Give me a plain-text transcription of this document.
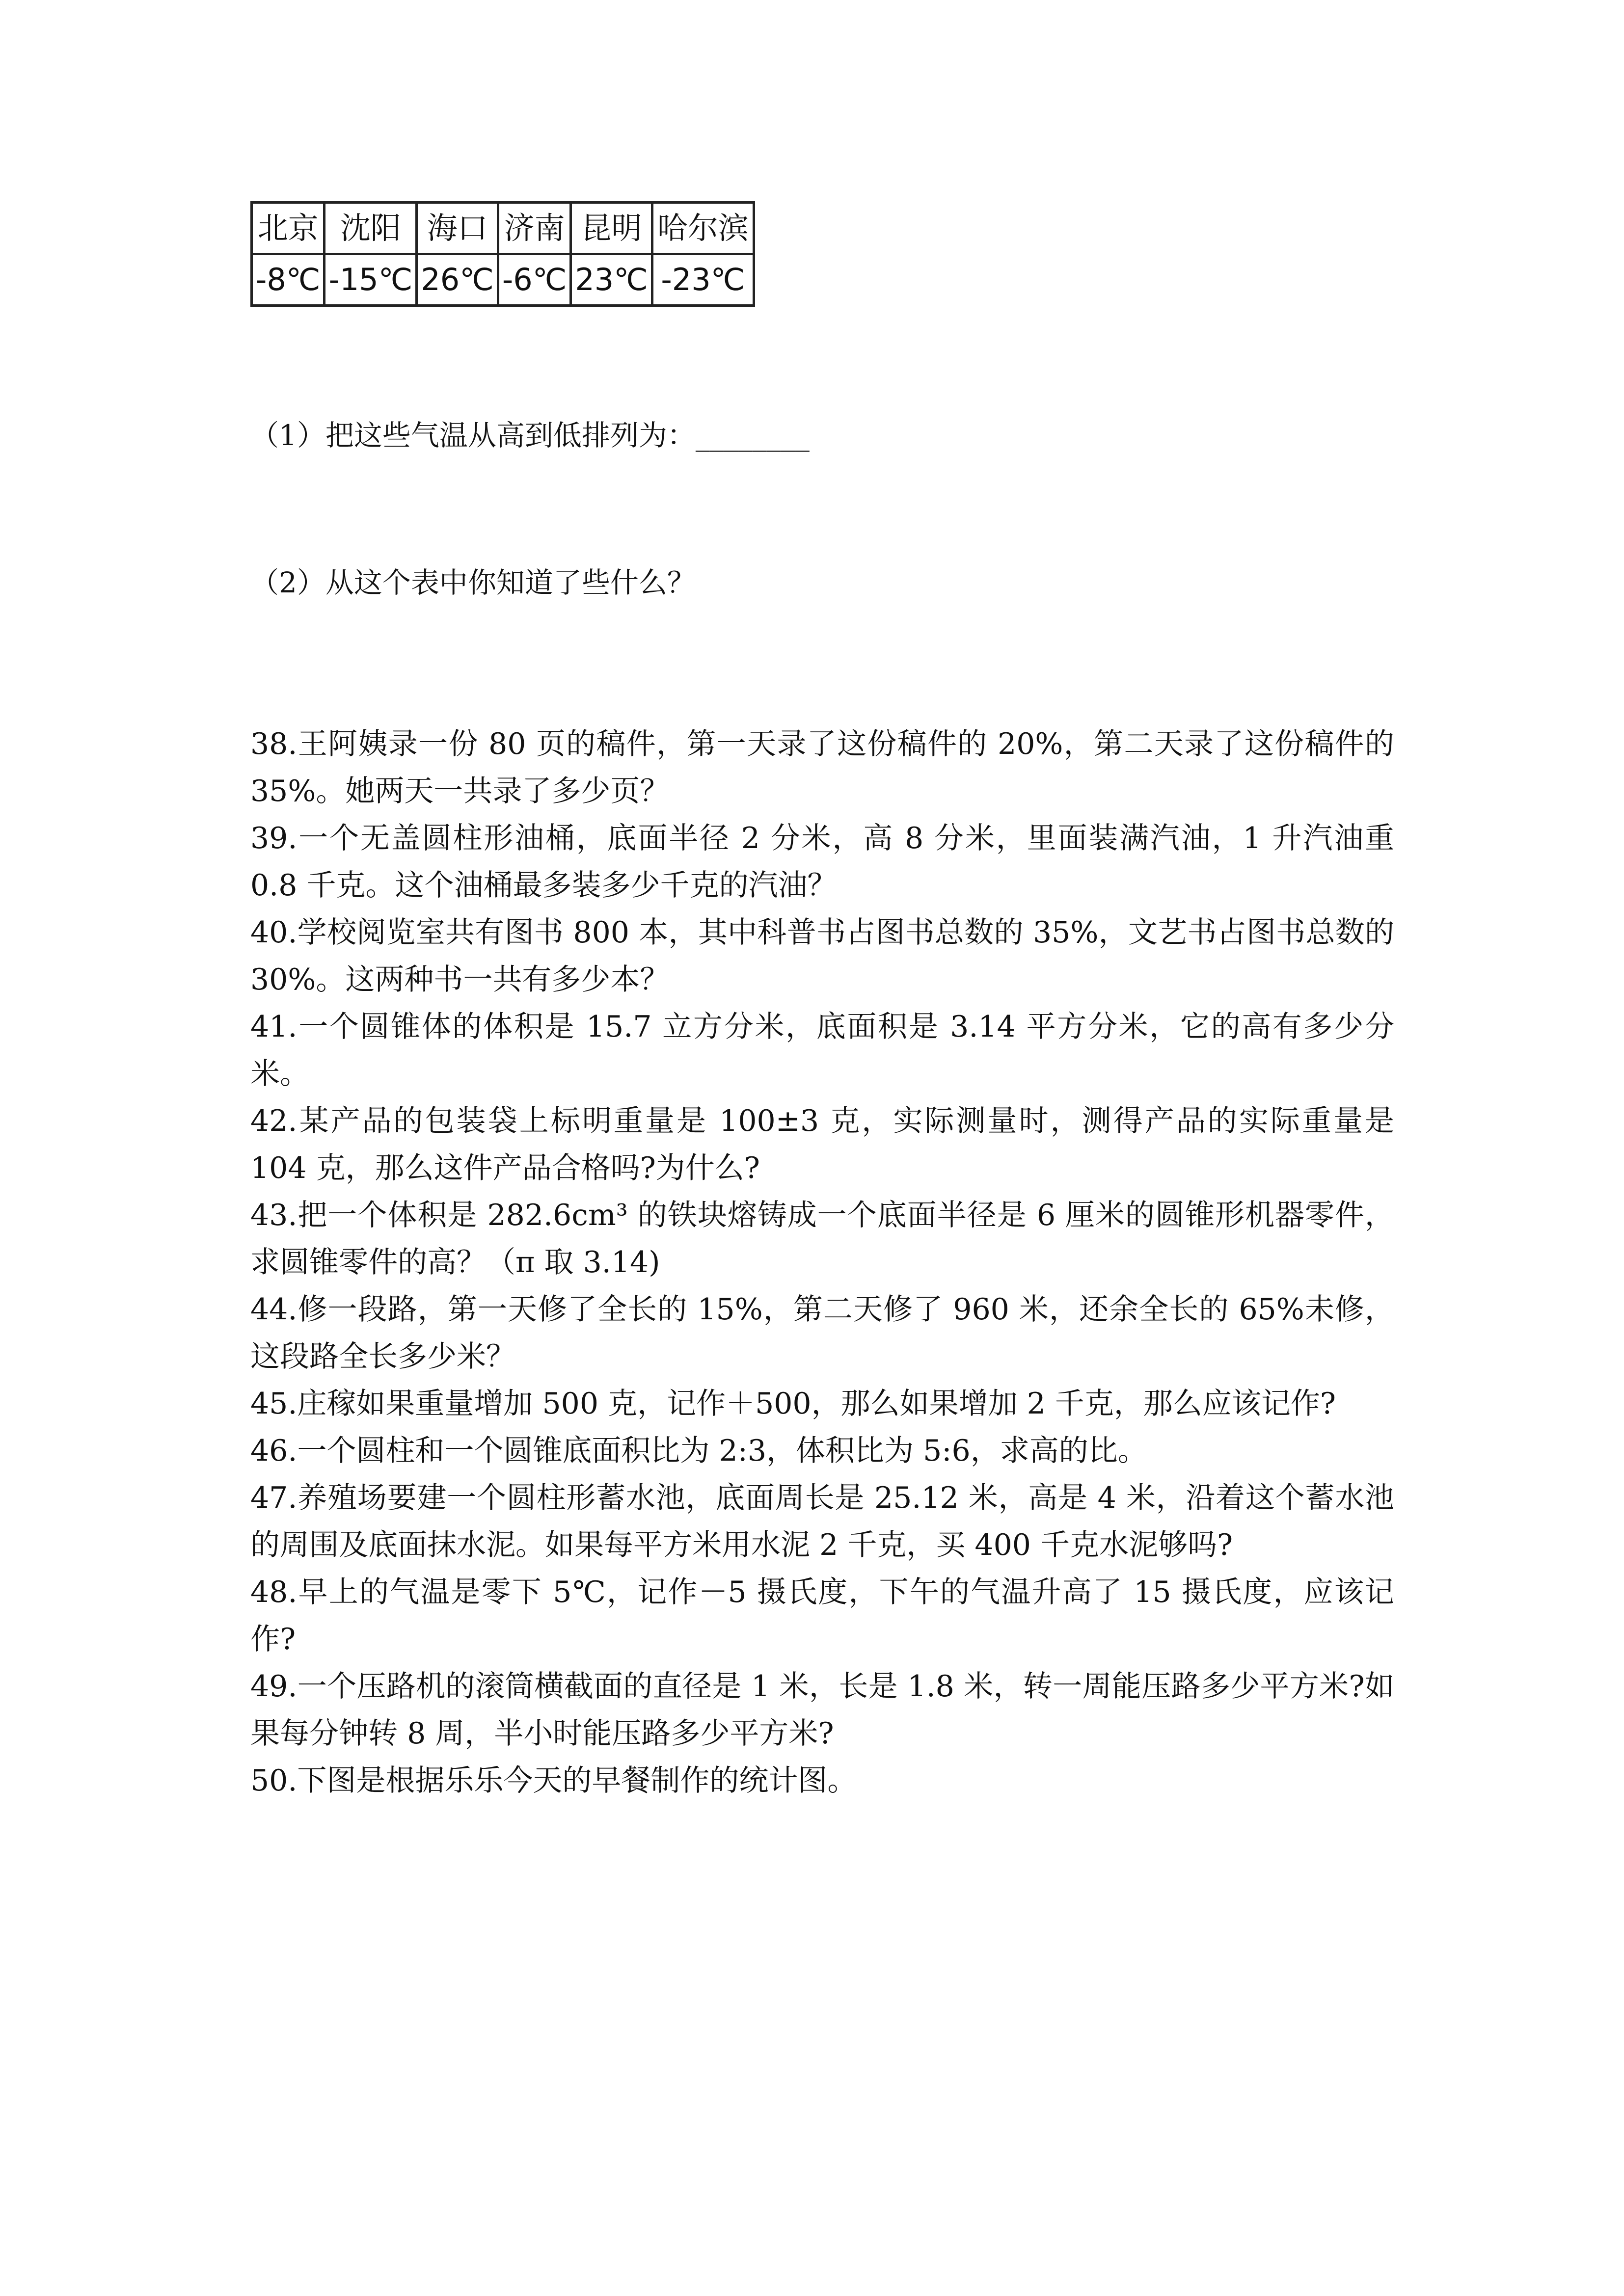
北京	沈阳	海口	济南	昆明	哈尔滨
-8℃	-15℃	26℃	-6℃	23℃	-23℃
（1）把这些气温从高到低排列为：________
（2）从这个表中你知道了些什么？

38.王阿姨录一份 80 页的稿件，第一天录了这份稿件的 20%，第二天录了这份稿件的 35%。她两天一共录了多少页？

39.一个无盖圆柱形油桶，底面半径 2 分米，高 8 分米，里面装满汽油，1 升汽油重 0.8 千克。这个油桶最多装多少千克的汽油？

40.学校阅览室共有图书 800 本，其中科普书占图书总数的 35%，文艺书占图书总数的 30%。这两种书一共有多少本？

41.一个圆锥体的体积是 15.7 立方分米，底面积是 3.14 平方分米，它的高有多少分米。

42.某产品的包装袋上标明重量是 100±3 克，实际测量时，测得产品的实际重量是 104 克，那么这件产品合格吗?为什么?

43.把一个体积是 282.6cm³ 的铁块熔铸成一个底面半径是 6 厘米的圆锥形机器零件，求圆锥零件的高？（π 取 3.14)

44.修一段路，第一天修了全长的 15%，第二天修了 960 米，还余全长的 65%未修，这段路全长多少米？

45.庄稼如果重量增加 500 克，记作＋500，那么如果增加 2 千克，那么应该记作?

46.一个圆柱和一个圆锥底面积比为 2:3，体积比为 5:6，求高的比。

47.养殖场要建一个圆柱形蓄水池，底面周长是 25.12 米，高是 4 米，沿着这个蓄水池的周围及底面抹水泥。如果每平方米用水泥 2 千克，买 400 千克水泥够吗?

48.早上的气温是零下 5℃，记作－5 摄氏度，下午的气温升高了 15 摄氏度，应该记作?

49.一个压路机的滚筒横截面的直径是 1 米，长是 1.8 米，转一周能压路多少平方米?如果每分钟转 8 周，半小时能压路多少平方米?

50.下图是根据乐乐今天的早餐制作的统计图。
